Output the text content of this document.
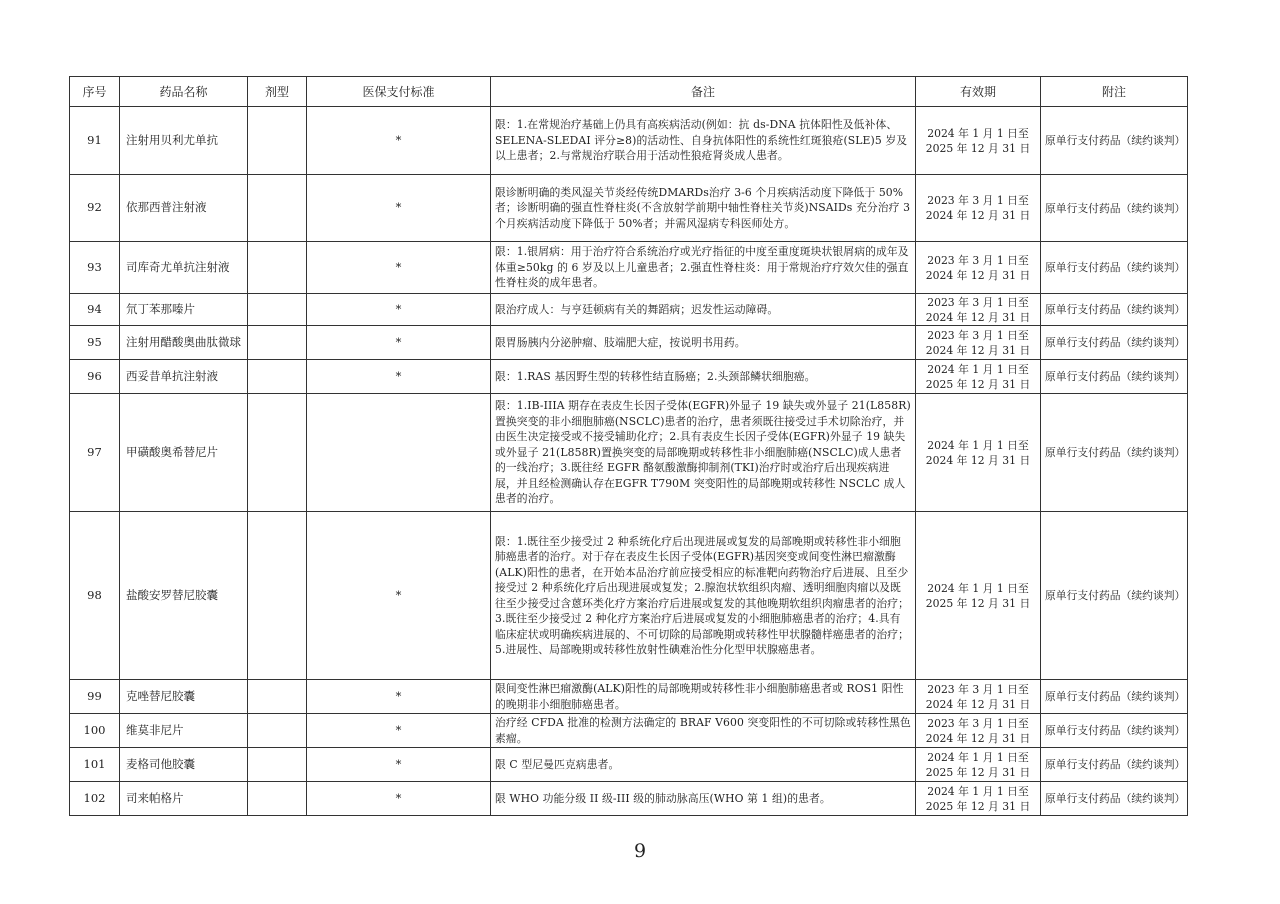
序号	药品名称	剂型	医保支付标准	备注	有效期	附注
91	注射用贝利尤单抗		*	限：1.在常规治疗基础上仍具有高疾病活动(例如：抗 ds-DNA 抗体阳性及低补体、SELENA-SLEDAI 评分≥8)的活动性、自身抗体阳性的系统性红斑狼疮(SLE)5 岁及以上患者；2.与常规治疗联合用于活动性狼疮肾炎成人患者。	2024 年 1 月 1 日至
2025 年 12 月 31 日	原单行支付药品（续约谈判）
92	依那西普注射液		*	限诊断明确的类风湿关节炎经传统DMARDs治疗 3-6 个月疾病活动度下降低于 50%者；诊断明确的强直性脊柱炎(不含放射学前期中轴性脊柱关节炎)NSAIDs 充分治疗 3 个月疾病活动度下降低于 50%者；并需风湿病专科医师处方。	2023 年 3 月 1 日至
2024 年 12 月 31 日	原单行支付药品（续约谈判）
93	司库奇尤单抗注射液		*	限：1.银屑病：用于治疗符合系统治疗或光疗指征的中度至重度斑块状银屑病的成年及体重≥50kg 的 6 岁及以上儿童患者；2.强直性脊柱炎：用于常规治疗疗效欠佳的强直性脊柱炎的成年患者。	2023 年 3 月 1 日至
2024 年 12 月 31 日	原单行支付药品（续约谈判）
94	氘丁苯那嗪片		*	限治疗成人：与亨廷顿病有关的舞蹈病；迟发性运动障碍。	2023 年 3 月 1 日至
2024 年 12 月 31 日	原单行支付药品（续约谈判）
95	注射用醋酸奥曲肽微球		*	限胃肠胰内分泌肿瘤、肢端肥大症，按说明书用药。	2023 年 3 月 1 日至
2024 年 12 月 31 日	原单行支付药品（续约谈判）
96	西妥昔单抗注射液		*	限：1.RAS 基因野生型的转移性结直肠癌；2.头颈部鳞状细胞癌。	2024 年 1 月 1 日至
2025 年 12 月 31 日	原单行支付药品（续约谈判）
97	甲磺酸奥希替尼片			限：1.IB-IIIA 期存在表皮生长因子受体(EGFR)外显子 19 缺失或外显子 21(L858R)置换突变的非小细胞肺癌(NSCLC)患者的治疗，患者须既往接受过手术切除治疗，并由医生决定接受或不接受辅助化疗；2.具有表皮生长因子受体(EGFR)外显子 19 缺失或外显子 21(L858R)置换突变的局部晚期或转移性非小细胞肺癌(NSCLC)成人患者的一线治疗；3.既往经 EGFR 酪氨酸激酶抑制剂(TKI)治疗时或治疗后出现疾病进展，并且经检测确认存在EGFR T790M 突变阳性的局部晚期或转移性 NSCLC 成人患者的治疗。	2024 年 1 月 1 日至
2024 年 12 月 31 日	原单行支付药品（续约谈判）
98	盐酸安罗替尼胶囊		*	限：1.既往至少接受过 2 种系统化疗后出现进展或复发的局部晚期或转移性非小细胞肺癌患者的治疗。对于存在表皮生长因子受体(EGFR)基因突变或间变性淋巴瘤激酶(ALK)阳性的患者，在开始本品治疗前应接受相应的标准靶向药物治疗后进展、且至少接受过 2 种系统化疗后出现进展或复发；2.腺泡状软组织肉瘤、透明细胞肉瘤以及既往至少接受过含蒽环类化疗方案治疗后进展或复发的其他晚期软组织肉瘤患者的治疗；3.既往至少接受过 2 种化疗方案治疗后进展或复发的小细胞肺癌患者的治疗；4.具有临床症状或明确疾病进展的、不可切除的局部晚期或转移性甲状腺髓样癌患者的治疗；5.进展性、局部晚期或转移性放射性碘难治性分化型甲状腺癌患者。	2024 年 1 月 1 日至
2025 年 12 月 31 日	原单行支付药品（续约谈判）
99	克唑替尼胶囊		*	限间变性淋巴瘤激酶(ALK)阳性的局部晚期或转移性非小细胞肺癌患者或 ROS1 阳性的晚期非小细胞肺癌患者。	2023 年 3 月 1 日至
2024 年 12 月 31 日	原单行支付药品（续约谈判）
100	维莫非尼片		*	治疗经 CFDA 批准的检测方法确定的 BRAF V600 突变阳性的不可切除或转移性黑色素瘤。	2023 年 3 月 1 日至
2024 年 12 月 31 日	原单行支付药品（续约谈判）
101	麦格司他胶囊		*	限 C 型尼曼匹克病患者。	2024 年 1 月 1 日至
2025 年 12 月 31 日	原单行支付药品（续约谈判）
102	司来帕格片		*	限 WHO 功能分级 II 级-III 级的肺动脉高压(WHO 第 1 组)的患者。	2024 年 1 月 1 日至
2025 年 12 月 31 日	原单行支付药品（续约谈判）
9
